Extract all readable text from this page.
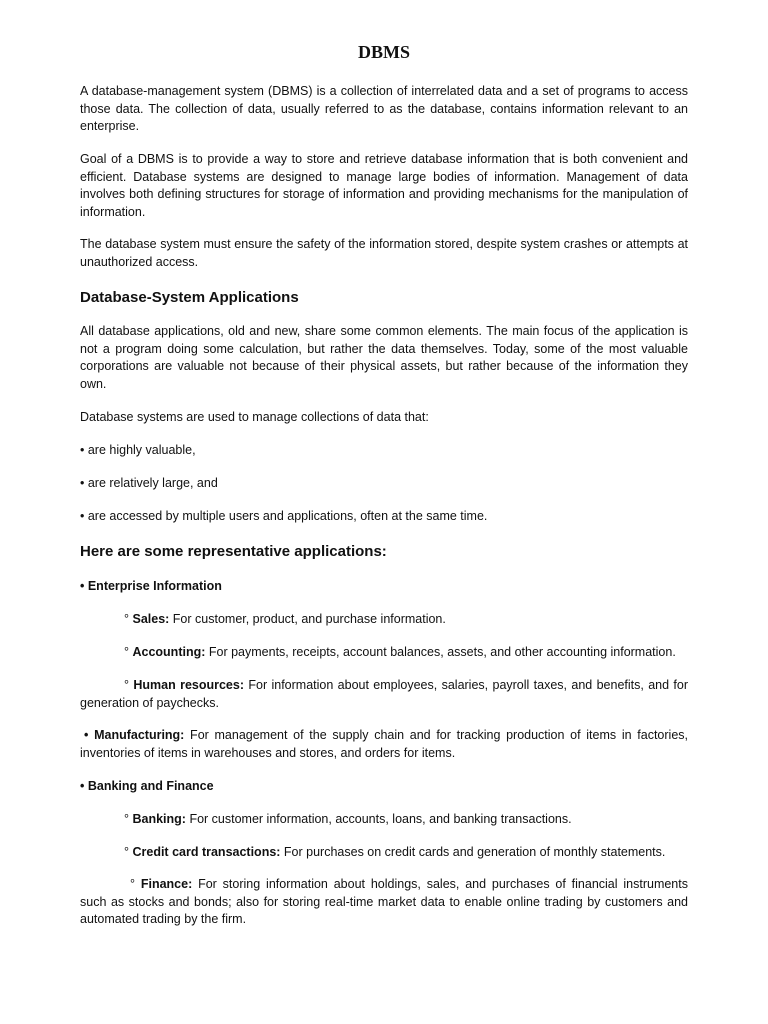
DBMS

A database-management system (DBMS) is a collection of interrelated data and a set of programs to access those data. The collection of data, usually referred to as the database, contains information relevant to an enterprise.

Goal of a DBMS is to provide a way to store and retrieve database information that is both convenient and efficient. Database systems are designed to manage large bodies of information. Management of data involves both defining structures for storage of information and providing mechanisms for the manipulation of information.

The database system must ensure the safety of the information stored, despite system crashes or attempts at unauthorized access.

Database-System Applications

All database applications, old and new, share some common elements. The main focus of the application is not a program doing some calculation, but rather the data themselves. Today, some of the most valuable corporations are valuable not because of their physical assets, but rather because of the information they own.

Database systems are used to manage collections of data that:

• are highly valuable,

• are relatively large, and

• are accessed by multiple users and applications, often at the same time.

Here are some representative applications:

• Enterprise Information

° Sales: For customer, product, and purchase information.

° Accounting: For payments, receipts, account balances, assets, and other accounting information.

° Human resources: For information about employees, salaries, payroll taxes, and benefits, and for generation of paychecks.

• Manufacturing: For management of the supply chain and for tracking production of items in factories, inventories of items in warehouses and stores, and orders for items.

• Banking and Finance

° Banking: For customer information, accounts, loans, and banking transactions.

° Credit card transactions: For purchases on credit cards and generation of monthly statements.

° Finance: For storing information about holdings, sales, and purchases of financial instruments such as stocks and bonds; also for storing real-time market data to enable online trading by customers and automated trading by the firm.
